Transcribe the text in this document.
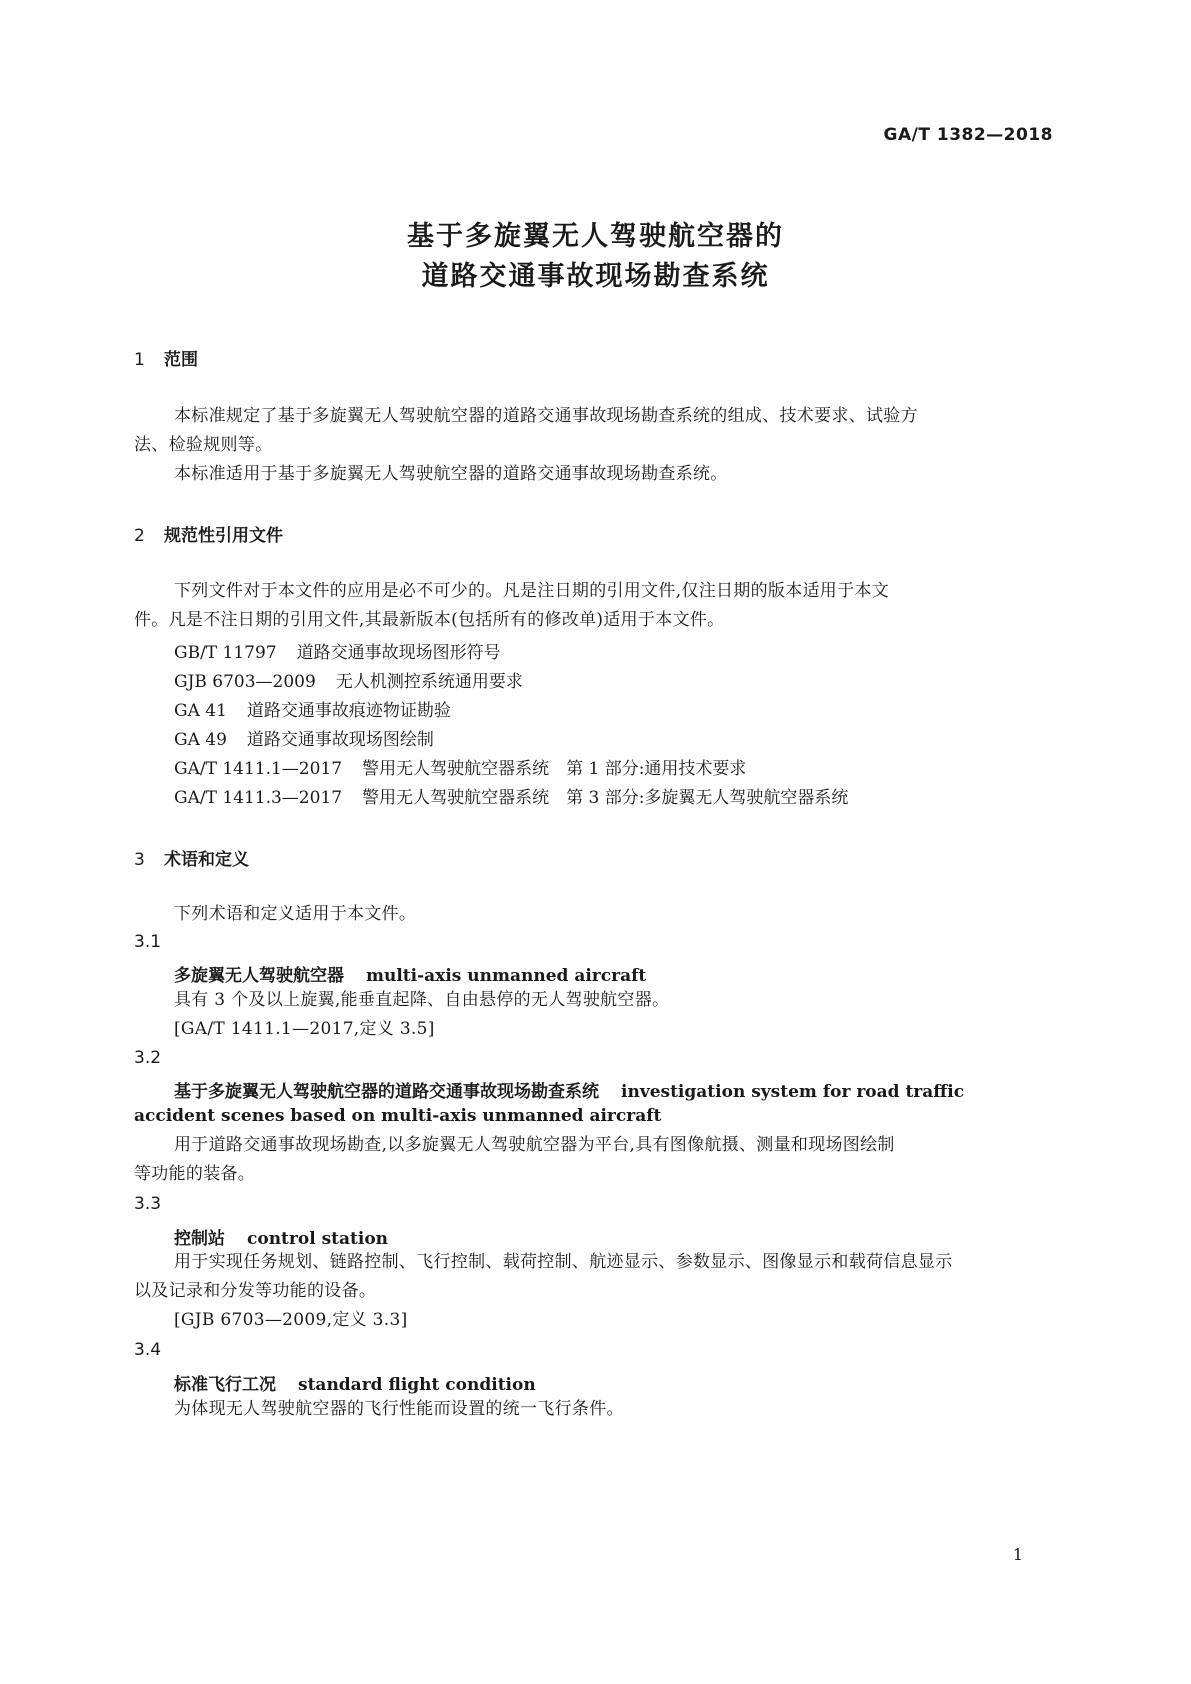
GA/T 1382—2018
基于多旋翼无人驾驶航空器的
道路交通事故现场勘查系统
1 范围
本标准规定了基于多旋翼无人驾驶航空器的道路交通事故现场勘查系统的组成、技术要求、试验方
法、检验规则等。
本标准适用于基于多旋翼无人驾驶航空器的道路交通事故现场勘查系统。
2 规范性引用文件
下列文件对于本文件的应用是必不可少的。凡是注日期的引用文件,仅注日期的版本适用于本文
件。凡是不注日期的引用文件,其最新版本(包括所有的修改单)适用于本文件。
GB/T 11797 道路交通事故现场图形符号
GJB 6703—2009 无人机测控系统通用要求
GA 41 道路交通事故痕迹物证勘验
GA 49 道路交通事故现场图绘制
GA/T 1411.1—2017 警用无人驾驶航空器系统　第 1 部分:通用技术要求
GA/T 1411.3—2017 警用无人驾驶航空器系统　第 3 部分:多旋翼无人驾驶航空器系统
3 术语和定义
下列术语和定义适用于本文件。
3.1
多旋翼无人驾驶航空器 multi-axis unmanned aircraft
具有 3 个及以上旋翼,能垂直起降、自由悬停的无人驾驶航空器。
[GA/T 1411.1—2017,定义 3.5]
3.2
基于多旋翼无人驾驶航空器的道路交通事故现场勘查系统 investigation system for road traffic
accident scenes based on multi-axis unmanned aircraft
用于道路交通事故现场勘查,以多旋翼无人驾驶航空器为平台,具有图像航摄、测量和现场图绘制
等功能的装备。
3.3
控制站 control station
用于实现任务规划、链路控制、飞行控制、载荷控制、航迹显示、参数显示、图像显示和载荷信息显示
以及记录和分发等功能的设备。
[GJB 6703—2009,定义 3.3]
3.4
标准飞行工况 standard flight condition
为体现无人驾驶航空器的飞行性能而设置的统一飞行条件。
1
